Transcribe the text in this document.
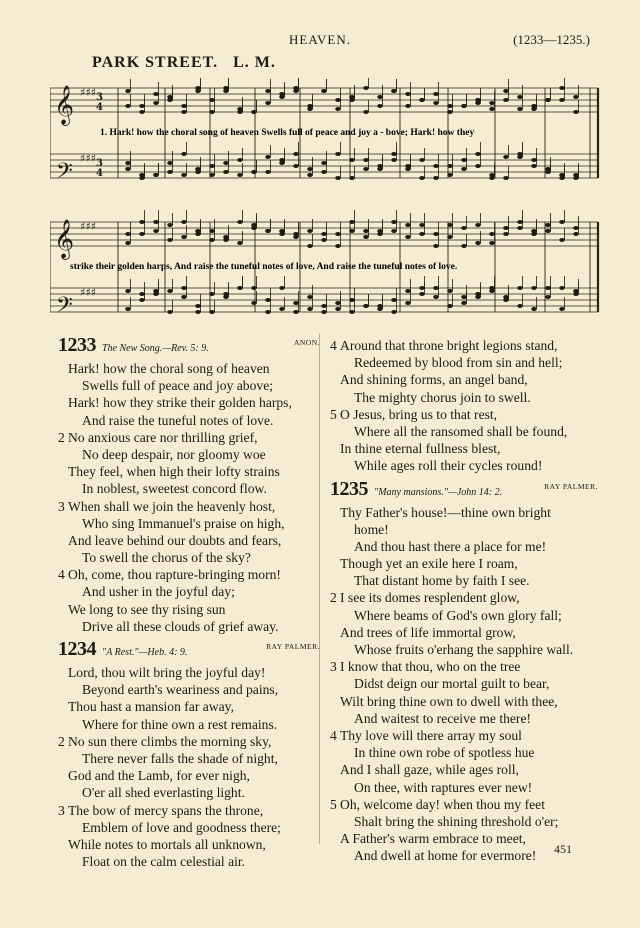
HEAVEN.	(1233—1235.)
PARK STREET. L. M.
𝄞
𝄢
𝄞
𝄢
3
4
3
4
♯♯♯
♯♯♯
♯♯♯
♯♯♯
1. Hark! how the choral song of heaven Swells full of peace and joy a - bove; Hark! how they
strike their golden harps, And raise the tuneful notes of love, And raise the tuneful notes of love.
1233 The New Song.—Rev. 5: 9.
ANON.
Hark! how the choral song of heaven
Swells full of peace and joy above;
Hark! how they strike their golden harps,
And raise the tuneful notes of love.
2 No anxious care nor thrilling grief,
No deep despair, nor gloomy woe
They feel, when high their lofty strains
In noblest, sweetest concord flow.
3 When shall we join the heavenly host,
Who sing Immanuel's praise on high,
And leave behind our doubts and fears,
To swell the chorus of the sky?
4 Oh, come, thou rapture-bringing morn!
And usher in the joyful day;
We long to see thy rising sun
Drive all these clouds of grief away.
1234 "A Rest."—Heb. 4: 9.
RAY PALMER.
Lord, thou wilt bring the joyful day!
Beyond earth's weariness and pains,
Thou hast a mansion far away,
Where for thine own a rest remains.
2 No sun there climbs the morning sky,
There never falls the shade of night,
God and the Lamb, for ever nigh,
O'er all shed everlasting light.
3 The bow of mercy spans the throne,
Emblem of love and goodness there;
While notes to mortals all unknown,
Float on the calm celestial air.
4 Around that throne bright legions stand,
Redeemed by blood from sin and hell;
And shining forms, an angel band,
The mighty chorus join to swell.
5 O Jesus, bring us to that rest,
Where all the ransomed shall be found,
In thine eternal fullness blest,
While ages roll their cycles round!
1235 "Many mansions."—John 14: 2.
RAY PALMER.
Thy Father's house!—thine own bright
home!
And thou hast there a place for me!
Though yet an exile here I roam,
That distant home by faith I see.
2 I see its domes resplendent glow,
Where beams of God's own glory fall;
And trees of life immortal grow,
Whose fruits o'erhang the sapphire wall.
3 I know that thou, who on the tree
Didst deign our mortal guilt to bear,
Wilt bring thine own to dwell with thee,
And waitest to receive me there!
4 Thy love will there array my soul
In thine own robe of spotless hue
And I shall gaze, while ages roll,
On thee, with raptures ever new!
5 Oh, welcome day! when thou my feet
Shalt bring the shining threshold o'er;
A Father's warm embrace to meet,
And dwell at home for evermore!	451
